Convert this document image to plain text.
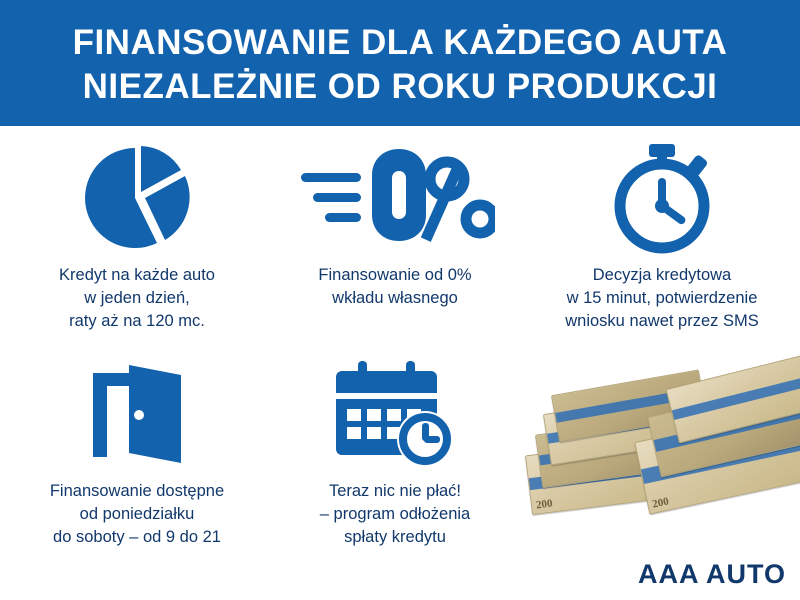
FINANSOWANIE DLA KAŻDEGO AUTA
NIEZALEŻNIE OD ROKU PRODUKCJI
Kredyt na każde auto
w jeden dzień,
raty aż na 120 mc.
Finansowanie od 0%
wkładu własnego
Decyzja kredytowa
w 15 minut, potwierdzenie
wniosku nawet przez SMS
Finansowanie dostępne
od poniedziałku
do soboty – od 9 do 21
Teraz nic nie płać!
– program odłożenia
spłaty kredytu
200	200
AAA AUTO
